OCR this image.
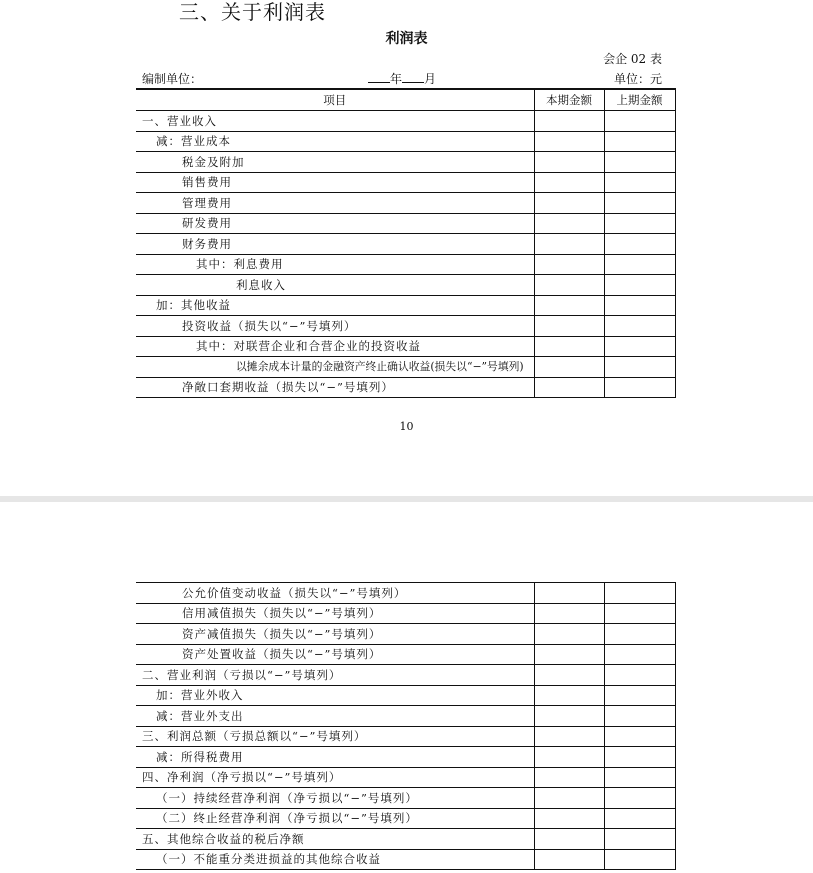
三、关于利润表
利润表
会企 02 表
编制单位：	年 月	单位：元
项目	本期金额	上期金额
一、营业收入		
减：营业成本		
税金及附加		
销售费用		
管理费用		
研发费用		
财务费用		
其中：利息费用		
利息收入		
加：其他收益		
投资收益（损失以“−”号填列）		
其中：对联营企业和合营企业的投资收益		
以摊余成本计量的金融资产终止确认收益(损失以“−”号填列)		
净敞口套期收益（损失以“−”号填列）		
10
公允价值变动收益（损失以“−”号填列）		
信用减值损失（损失以“−”号填列）		
资产减值损失（损失以“−”号填列）		
资产处置收益（损失以“−”号填列）		
二、营业利润（亏损以“−”号填列）		
加：营业外收入		
减：营业外支出		
三、利润总额（亏损总额以“−”号填列）		
减：所得税费用		
四、净利润（净亏损以“−”号填列）		
（一）持续经营净利润（净亏损以“−”号填列）		
（二）终止经营净利润（净亏损以“−”号填列）		
五、其他综合收益的税后净额		
（一）不能重分类进损益的其他综合收益		
